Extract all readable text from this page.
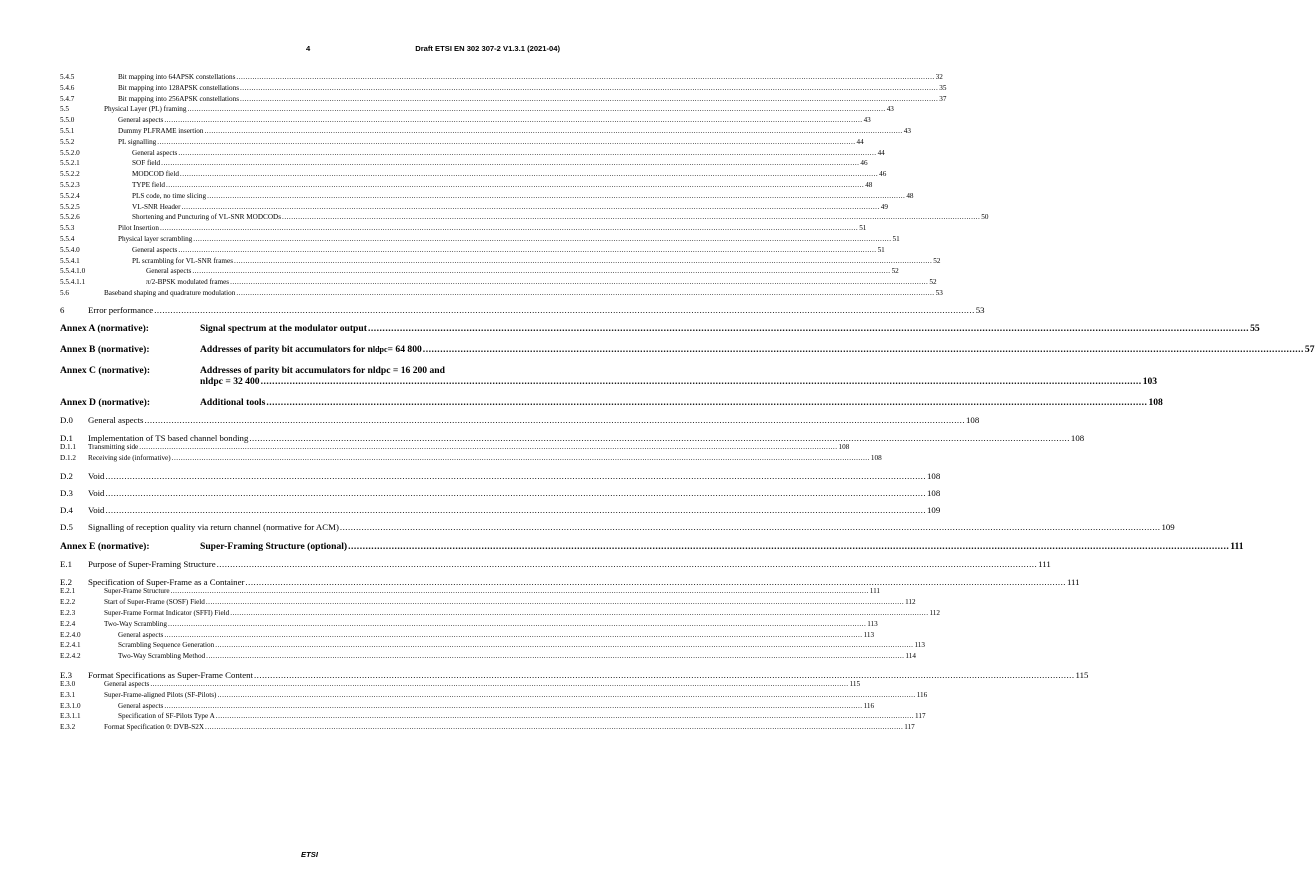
4	Draft ETSI EN 302 307-2 V1.3.1 (2021-04)
5.4.5	Bit mapping into 64APSK constellations .....	32
5.4.6	Bit mapping into 128APSK constellations .....	35
5.4.7	Bit mapping into 256APSK constellations .....	37
5.5	Physical Layer (PL) framing .....	43
5.5.0	General aspects .....	43
5.5.1	Dummy PLFRAME insertion .....	43
5.5.2	PL signalling .....	44
5.5.2.0	General aspects .....	44
5.5.2.1	SOF field .....	46
5.5.2.2	MODCOD field .....	46
5.5.2.3	TYPE field .....	48
5.5.2.4	PLS code, no time slicing .....	48
5.5.2.5	VL-SNR Header .....	49
5.5.2.6	Shortening and Puncturing of VL-SNR MODCODs .....	50
5.5.3	Pilot Insertion .....	51
5.5.4	Physical layer scrambling .....	51
5.5.4.0	General aspects .....	51
5.5.4.1	PL scrambling for VL-SNR frames .....	52
5.5.4.1.0	General aspects .....	52
5.5.4.1.1	π/2-BPSK modulated frames .....	52
5.6	Baseband shaping and quadrature modulation .....	53
6	Error performance .....	53
Annex A (normative):	Signal spectrum at the modulator output .....	55
Annex B (normative):	Addresses of parity bit accumulators for n ldpc = 64 800 .....	57
Annex C (normative):	Addresses of parity bit accumulators for nldpc = 16 200 and
nldpc = 32 400 .....	103
Annex D (normative):	Additional tools .....	108
D.0	General aspects .....	108
D.1	Implementation of TS based channel bonding .....	108
D.1.1	Transmitting side .....	108
D.1.2	Receiving side (informative) .....	108
D.2	Void .....	108
D.3	Void .....	108
D.4	Void .....	109
D.5	Signalling of reception quality via return channel (normative for ACM) .....	109
Annex E (normative):	Super-Framing Structure (optional) .....	111
E.1	Purpose of Super-Framing Structure .....	111
E.2	Specification of Super-Frame as a Container .....	111
E.2.1	Super-Frame Structure .....	111
E.2.2	Start of Super-Frame (SOSF) Field .....	112
E.2.3	Super-Frame Format Indicator (SFFI) Field .....	112
E.2.4	Two-Way Scrambling .....	113
E.2.4.0	General aspects .....	113
E.2.4.1	Scrambling Sequence Generation .....	113
E.2.4.2	Two-Way Scrambling Method .....	114
E.3	Format Specifications as Super-Frame Content .....	115
E.3.0	General aspects .....	115
E.3.1	Super-Frame-aligned Pilots (SF-Pilots) .....	116
E.3.1.0	General aspects .....	116
E.3.1.1	Specification of SF-Pilots Type A .....	117
E.3.2	Format Specification 0: DVB-S2X .....	117
ETSI
